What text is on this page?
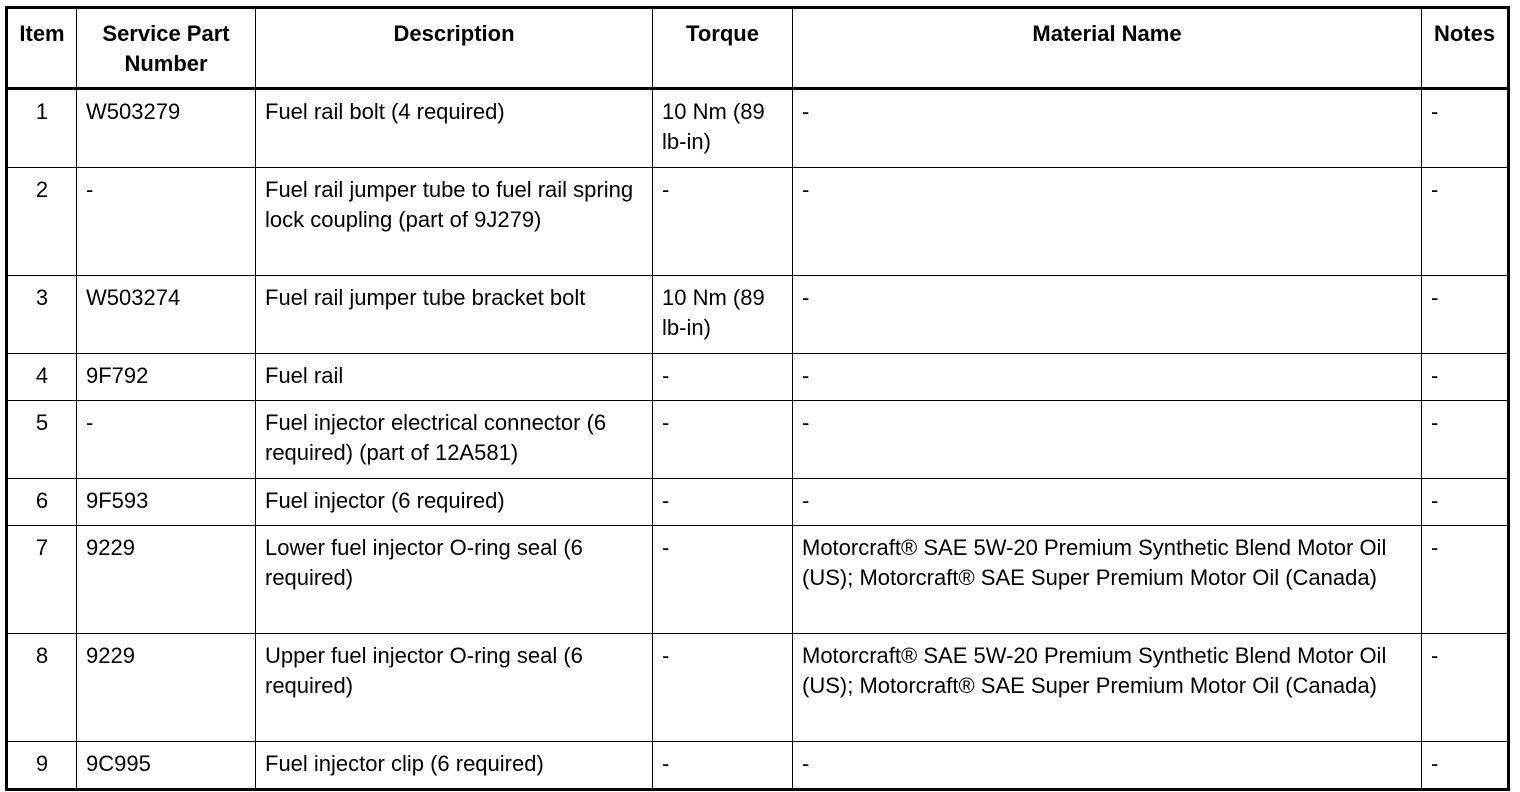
Item	Service Part Number	Description	Torque	Material Name	Notes
1	W503279	Fuel rail bolt (4 required)	10 Nm (89 lb-in)	-	-
2	-	Fuel rail jumper tube to fuel rail spring lock coupling (part of 9J279)	-	-	-
3	W503274	Fuel rail jumper tube bracket bolt	10 Nm (89 lb-in)	-	-
4	9F792	Fuel rail	-	-	-
5	-	Fuel injector electrical connector (6 required) (part of 12A581)	-	-	-
6	9F593	Fuel injector (6 required)	-	-	-
7	9229	Lower fuel injector O-ring seal (6 required)	-	Motorcraft® SAE 5W-20 Premium Synthetic Blend Motor Oil (US); Motorcraft® SAE Super Premium Motor Oil (Canada)	-
8	9229	Upper fuel injector O-ring seal (6 required)	-	Motorcraft® SAE 5W-20 Premium Synthetic Blend Motor Oil (US); Motorcraft® SAE Super Premium Motor Oil (Canada)	-
9	9C995	Fuel injector clip (6 required)	-	-	-
